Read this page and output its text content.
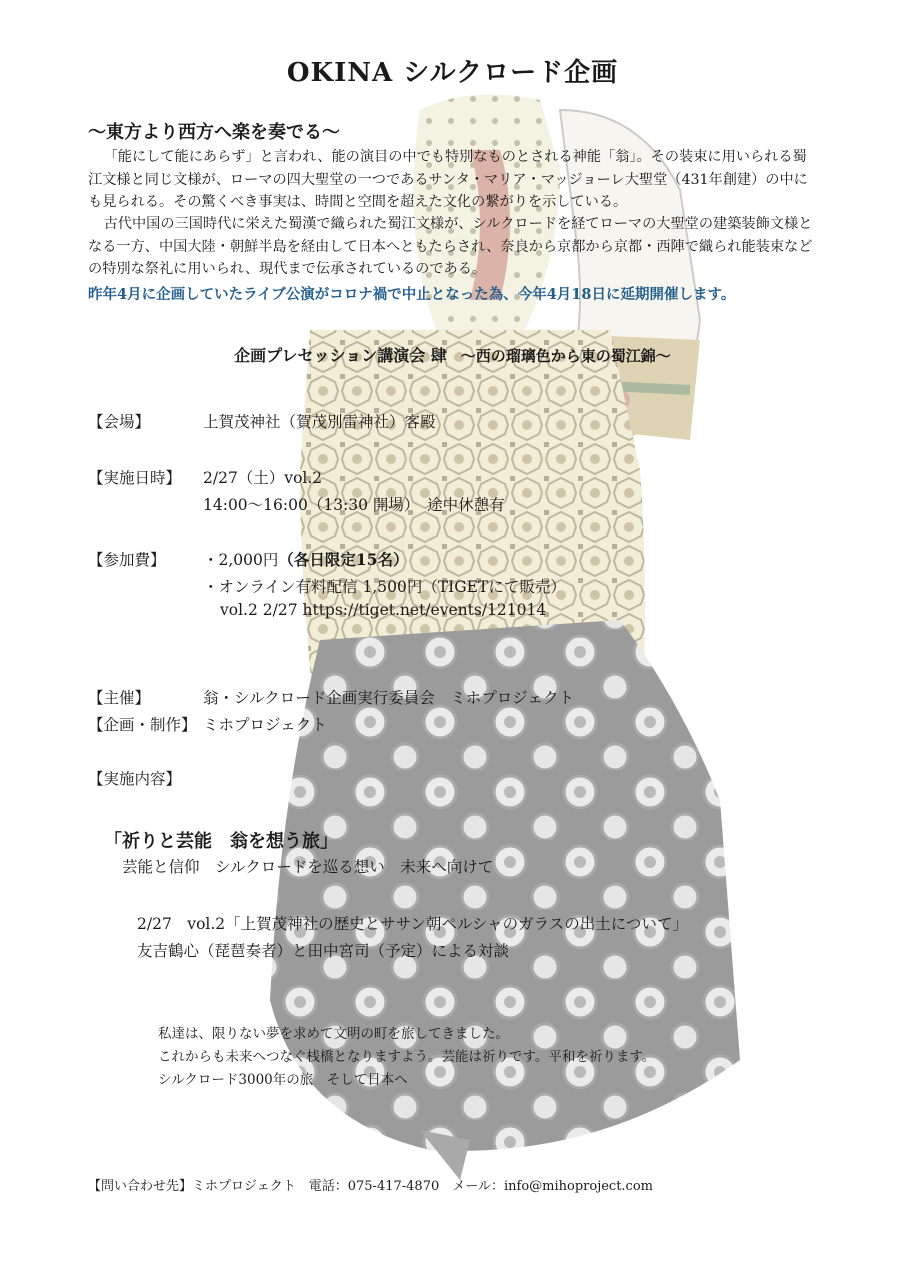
OKINA シルクロード企画
〜東方より西方へ楽を奏でる〜
「能にして能にあらず」と言われ、能の演目の中でも特別なものとされる神能「翁」。その装束に用いられる蜀江文様と同じ文様が、ローマの四大聖堂の一つであるサンタ・マリア・マッジョーレ大聖堂（431年創建）の中にも見られる。その驚くべき事実は、時間と空間を超えた文化の繋がりを示している。
古代中国の三国時代に栄えた蜀漢で織られた蜀江文様が、シルクロードを経てローマの大聖堂の建築装飾文様となる一方、中国大陸・朝鮮半島を経由して日本へともたらされ、奈良から京都から京都・西陣で織られ能装束などの特別な祭礼に用いられ、現代まで伝承されているのである。
昨年4月に企画していたライブ公演がコロナ禍で中止となった為、今年4月18日に延期開催します。
企画プレセッション講演会 肆 〜西の瑠璃色から東の蜀江錦〜
【会場】	上賀茂神社（賀茂別雷神社）客殿
【実施日時】 2/27（土）vol.2
14:00〜16:00（13:30 開場）　途中休憩有
【参加費】 ・2,000円（各日限定15名）
・オンライン有料配信 1,500円（TIGETにて販売）
vol.2 2/27 https://tiget.net/events/121014
【主催】	翁・シルクロード企画実行委員会　ミホプロジェクト
【企画・制作】 ミホプロジェクト
【実施内容】
「祈りと芸能　翁を想う旅」
芸能と信仰　シルクロードを巡る想い　未来へ向けて
2/27　vol.2「上賀茂神社の歴史とササン朝ペルシャのガラスの出土について」
友吉鶴心（琵琶奏者）と田中宮司（予定）による対談
私達は、限りない夢を求めて文明の町を旅してきました。
これからも未来へつなぐ桟橋となりますよう。芸能は祈りです。平和を祈ります。
シルクロード3000年の旅　そして日本へ
【問い合わせ先】ミホプロジェクト　電話：075-417-4870　メール：info@mihoproject.com
